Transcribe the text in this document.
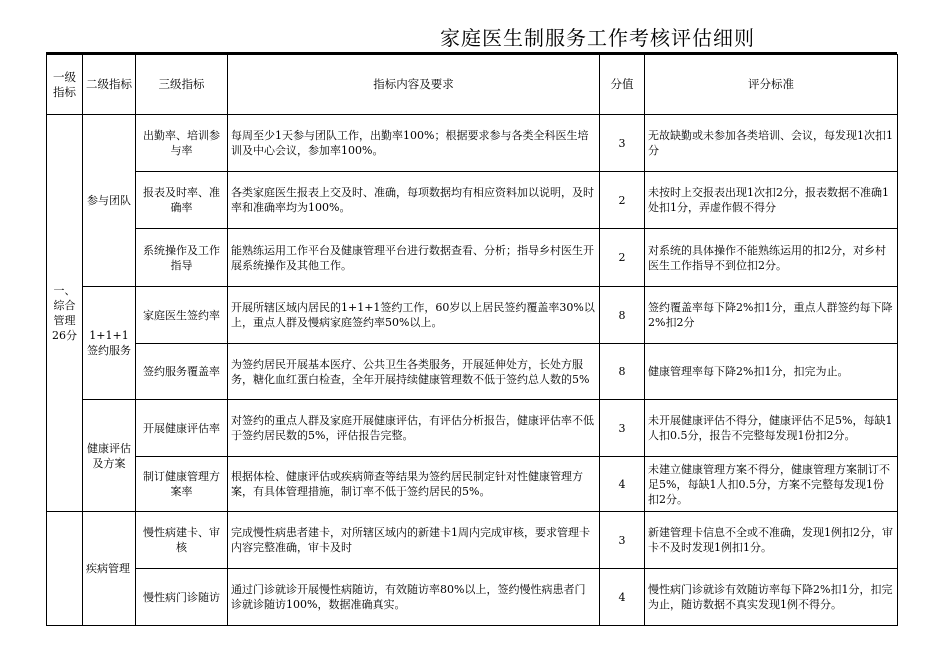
家庭医生制服务工作考核评估细则
一级指标	二级指标	三级指标	指标内容及要求	分值	评分标准
一、综合管理26分	参与团队	出勤率、培训参与率	每周至少1天参与团队工作，出勤率100%；根据要求参与各类全科医生培训及中心会议，参加率100%。	3	无故缺勤或未参加各类培训、会议，每发现1次扣1分
		报表及时率、准确率	各类家庭医生报表上交及时、准确，每项数据均有相应资料加以说明，及时率和准确率均为100%。	2	未按时上交报表出现1次扣2分，报表数据不准确1处扣1分，弄虚作假不得分
		系统操作及工作指导	能熟练运用工作平台及健康管理平台进行数据查看、分析；指导乡村医生开展系统操作及其他工作。	2	对系统的具体操作不能熟练运用的扣2分，对乡村医生工作指导不到位扣2分。
	1+1+1签约服务	家庭医生签约率	开展所辖区域内居民的1+1+1签约工作，60岁以上居民签约覆盖率30%以上，重点人群及慢病家庭签约率50%以上。	8	签约覆盖率每下降2%扣1分，重点人群签约每下降2%扣2分
		签约服务覆盖率	为签约居民开展基本医疗、公共卫生各类服务，开展延伸处方，长处方服务，糖化血红蛋白检查，全年开展持续健康管理数不低于签约总人数的5%	8	健康管理率每下降2%扣1分，扣完为止。
	健康评估及方案	开展健康评估率	对签约的重点人群及家庭开展健康评估，有评估分析报告，健康评估率不低于签约居民数的5%，评估报告完整。	3	未开展健康评估不得分，健康评估不足5%，每缺1人扣0.5分，报告不完整每发现1份扣2分。
		制订健康管理方案率	根据体检、健康评估或疾病筛查等结果为签约居民制定针对性健康管理方案，有具体管理措施，制订率不低于签约居民的5%。	4	未建立健康管理方案不得分，健康管理方案制订不足5%，每缺1人扣0.5分，方案不完整每发现1份扣2分。
	疾病管理	慢性病建卡、审核	完成慢性病患者建卡，对所辖区域内的新建卡1周内完成审核，要求管理卡内容完整准确，审卡及时	3	新建管理卡信息不全或不准确，发现1例扣2分，审卡不及时发现1例扣1分。
		慢性病门诊随访	通过门诊就诊开展慢性病随访，有效随访率80%以上，签约慢性病患者门诊就诊随访100%，数据准确真实。	4	慢性病门诊就诊有效随访率每下降2%扣1分，扣完为止，随访数据不真实发现1例不得分。
